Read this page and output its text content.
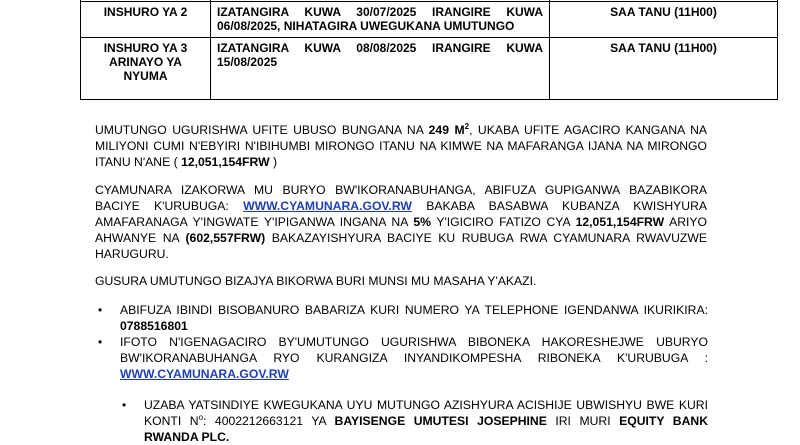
INSHURO YA 2	IZATANGIRA KUWA 30/07/2025 IRANGIRE KUWA 06/08/2025, NIHATAGIRA UWEGUKANA UMUTUNGO	SAA TANU (11H00)
INSHURO YA 3 ARINAYO YA NYUMA	IZATANGIRA KUWA 08/08/2025 IRANGIRE KUWA 15/08/2025	SAA TANU (11H00)
UMUTUNGO UGURISHWA UFITE UBUSO BUNGANA NA 249 $M^2$, UKABA UFITE AGACIRO KANGANA NA MILIYONI CUMI N'EBYIRI N'IBIHUMBI MIRONGO ITANU NA KIMWE NA MAFARANGA IJANA NA MIRONGO ITANU N'ANE ( 12,051,154FRW )
CYAMUNARA IZAKORWA MU BURYO BW'IKORANABUHANGA, ABIFUZA GUPIGANWA BAZABIKORA BACIYE K'URUBUGA: WWW.CYAMUNARA.GOV.RW BAKABA BASABWA KUBANZA KWISHYURA AMAFARANAGA Y'INGWATE Y'IPIGANWA INGANA NA 5% Y'IGICIRO FATIZO CYA 12,051,154FRW ARIYO AHWANYE NA (602,557FRW) BAKAZAYISHYURA BACIYE KU RUBUGA RWA CYAMUNARA RWAVUZWE HARUGURU.
GUSURA UMUTUNGO BIZAJYA BIKORWA BURI MUNSI MU MASAHA Y'AKAZI.
• ABIFUZA IBINDI BISOBANURO BABARIZA KURI NUMERO YA TELEPHONE IGENDANWA IKURIKIRA: 0788516801
• IFOTO N'IGENAGACIRO BY'UMUTUNGO UGURISHWA BIBONEKA HAKORESHEJWE UBURYO BW'IKORANABUHANGA RYO KURANGIZA INYANDIKOMPESHA RIBONEKA K'URUBUGA : WWW.CYAMUNARA.GOV.RW
• UZABA YATSINDIYE KWEGUKANA UYU MUTUNGO AZISHYURA ACISHIJE UBWISHYU BWE KURI KONTI $N^o$: 4002212663121 YA BAYISENGE UMUTESI JOSEPHINE IRI MURI EQUITY BANK RWANDA PLC.
